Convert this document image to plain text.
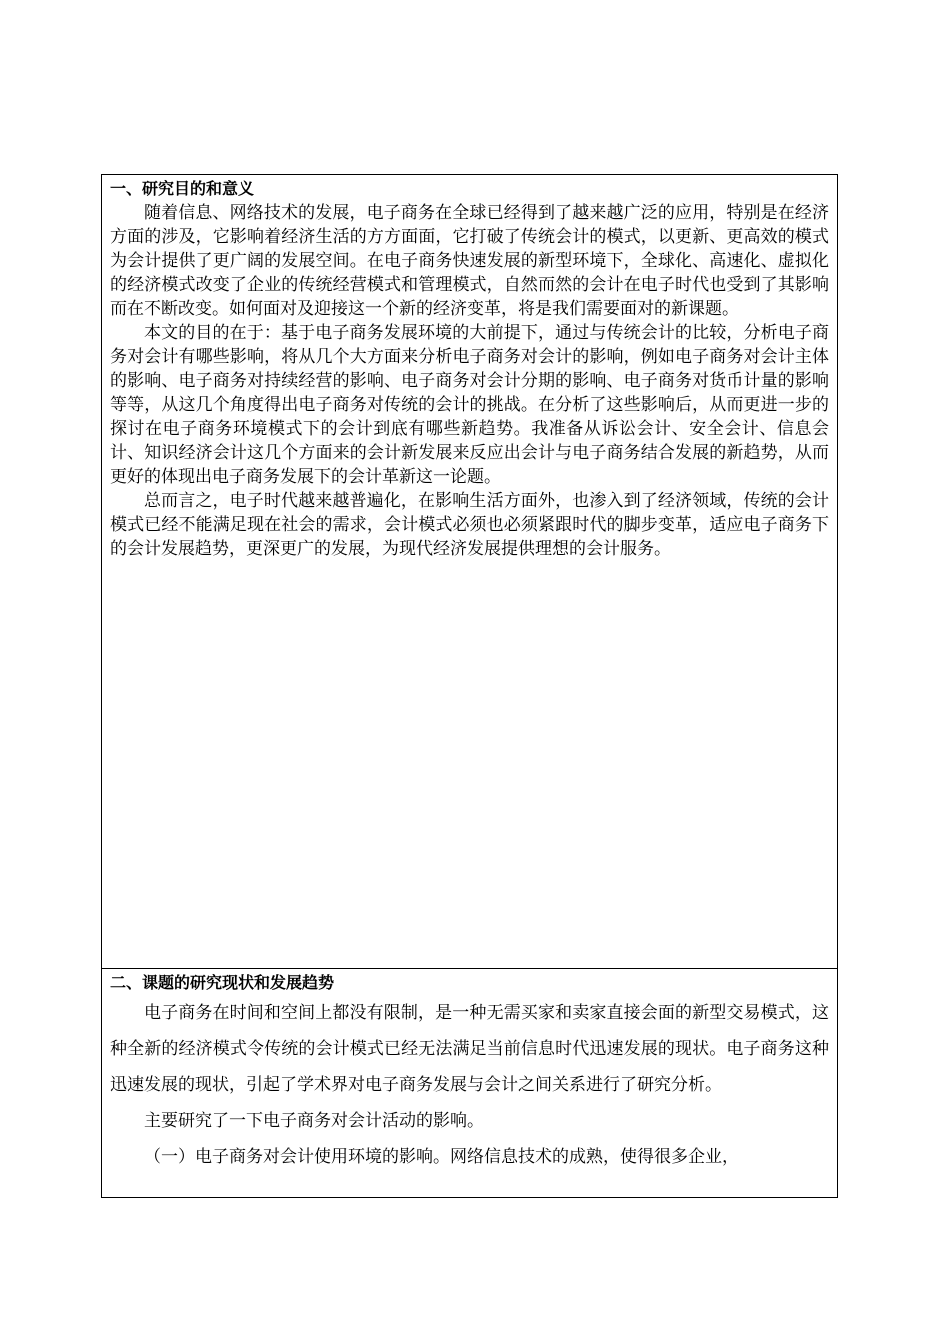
一、研究目的和意义

随着信息、网络技术的发展，电子商务在全球已经得到了越来越广泛的应用，特别是在经济方面的涉及，它影响着经济生活的方方面面，它打破了传统会计的模式，以更新、更高效的模式为会计提供了更广阔的发展空间。在电子商务快速发展的新型环境下，全球化、高速化、虚拟化的经济模式改变了企业的传统经营模式和管理模式，自然而然的会计在电子时代也受到了其影响而在不断改变。如何面对及迎接这一个新的经济变革，将是我们需要面对的新课题。

本文的目的在于：基于电子商务发展环境的大前提下，通过与传统会计的比较，分析电子商务对会计有哪些影响，将从几个大方面来分析电子商务对会计的影响，例如电子商务对会计主体的影响、电子商务对持续经营的影响、电子商务对会计分期的影响、电子商务对货币计量的影响等等，从这几个角度得出电子商务对传统的会计的挑战。在分析了这些影响后，从而更进一步的探讨在电子商务环境模式下的会计到底有哪些新趋势。我准备从诉讼会计、安全会计、信息会计、知识经济会计这几个方面来的会计新发展来反应出会计与电子商务结合发展的新趋势，从而更好的体现出电子商务发展下的会计革新这一论题。

总而言之，电子时代越来越普遍化，在影响生活方面外，也渗入到了经济领域，传统的会计模式已经不能满足现在社会的需求，会计模式必须也必须紧跟时代的脚步变革，适应电子商务下的会计发展趋势，更深更广的发展，为现代经济发展提供理想的会计服务。

二、课题的研究现状和发展趋势

电子商务在时间和空间上都没有限制，是一种无需买家和卖家直接会面的新型交易模式，这种全新的经济模式令传统的会计模式已经无法满足当前信息时代迅速发展的现状。电子商务这种迅速发展的现状，引起了学术界对电子商务发展与会计之间关系进行了研究分析。

主要研究了一下电子商务对会计活动的影响。

（一）电子商务对会计使用环境的影响。网络信息技术的成熟，使得很多企业，
